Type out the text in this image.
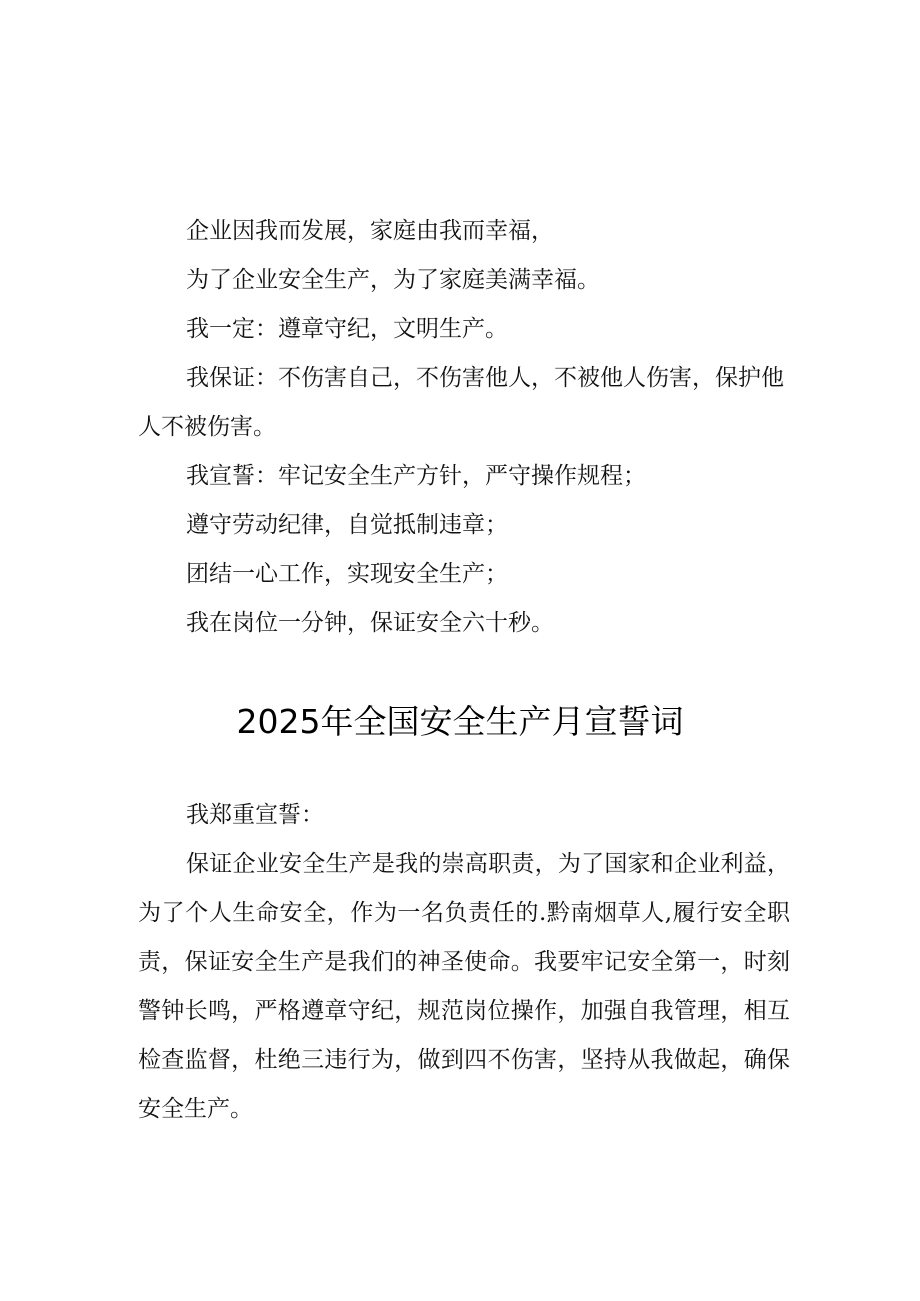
企业因我而发展，家庭由我而幸福，

为了企业安全生产，为了家庭美满幸福。

我一定：遵章守纪，文明生产。

我保证：不伤害自己，不伤害他人，不被他人伤害，保护他人不被伤害。

我宣誓：牢记安全生产方针，严守操作规程；

遵守劳动纪律，自觉抵制违章；

团结一心工作，实现安全生产；

我在岗位一分钟，保证安全六十秒。

2025年全国安全生产月宣誓词

我郑重宣誓：

保证企业安全生产是我的崇高职责，为了国家和企业利益，为了个人生命安全，作为一名负责任的.黔南烟草人,履行安全职责，保证安全生产是我们的神圣使命。我要牢记安全第一，时刻警钟长鸣，严格遵章守纪，规范岗位操作，加强自我管理，相互检查监督，杜绝三违行为，做到四不伤害，坚持从我做起，确保安全生产。
